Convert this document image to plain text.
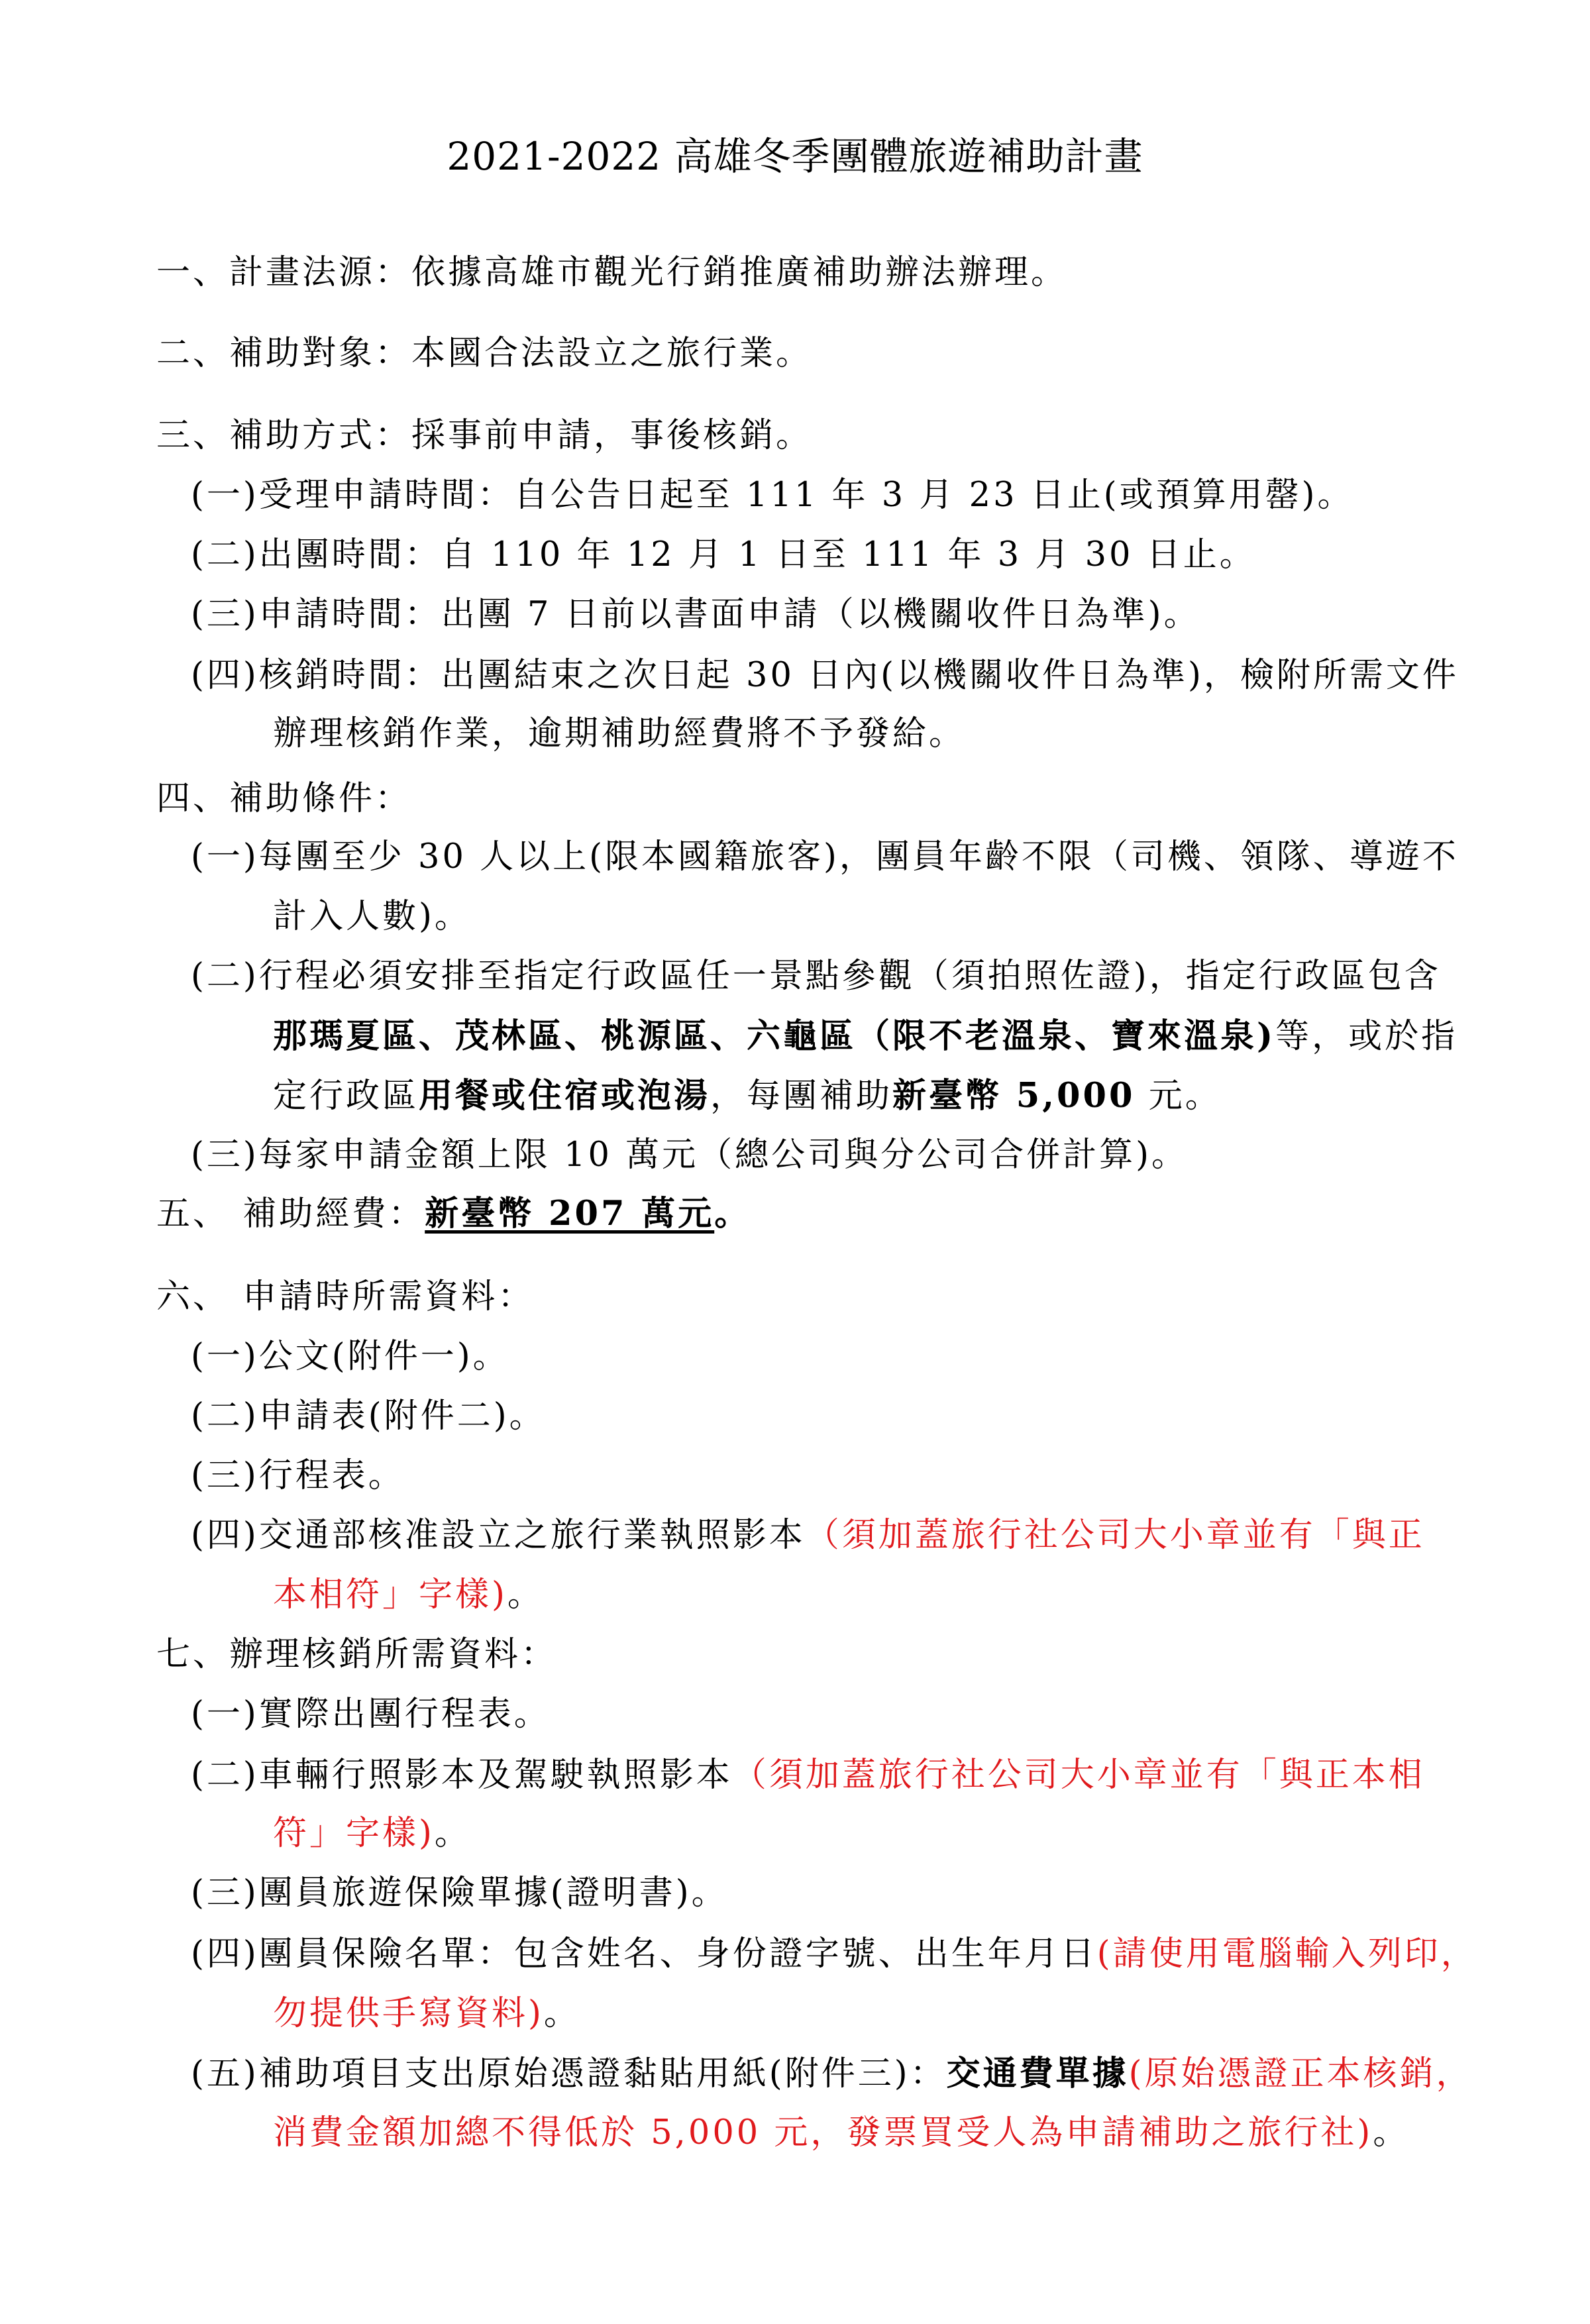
2021-2022 高雄冬季團體旅遊補助計畫
一、計畫法源：依據高雄市觀光行銷推廣補助辦法辦理。
二、補助對象：本國合法設立之旅行業。
三、補助方式：採事前申請，事後核銷。
(一)受理申請時間：自公告日起至 111 年 3 月 23 日止(或預算用罄)。
(二)出團時間：自 110 年 12 月 1 日至 111 年 3 月 30 日止。
(三)申請時間：出團 7 日前以書面申請（以機關收件日為準)。
(四)核銷時間：出團結束之次日起 30 日內(以機關收件日為準)，檢附所需文件
辦理核銷作業，逾期補助經費將不予發給。
四、補助條件：
(一)每團至少 30 人以上(限本國籍旅客)，團員年齡不限（司機、領隊、導遊不
計入人數)。
(二)行程必須安排至指定行政區任一景點參觀（須拍照佐證)，指定行政區包含
那瑪夏區、茂林區、桃源區、六龜區（限不老溫泉、寶來溫泉)等，或於指
定行政區用餐或住宿或泡湯，每團補助新臺幣 5,000 元。
(三)每家申請金額上限 10 萬元（總公司與分公司合併計算)。
五、 補助經費：新臺幣 207 萬元。
六、 申請時所需資料：
(一)公文(附件一)。
(二)申請表(附件二)。
(三)行程表。
(四)交通部核准設立之旅行業執照影本（須加蓋旅行社公司大小章並有「與正
本相符」字樣)。
七、辦理核銷所需資料：
(一)實際出團行程表。
(二)車輛行照影本及駕駛執照影本（須加蓋旅行社公司大小章並有「與正本相
符」字樣)。
(三)團員旅遊保險單據(證明書)。
(四)團員保險名單：包含姓名、身份證字號、出生年月日(請使用電腦輸入列印，
勿提供手寫資料)。
(五)補助項目支出原始憑證黏貼用紙(附件三)：交通費單據(原始憑證正本核銷，
消費金額加總不得低於 5,000 元，發票買受人為申請補助之旅行社)。
